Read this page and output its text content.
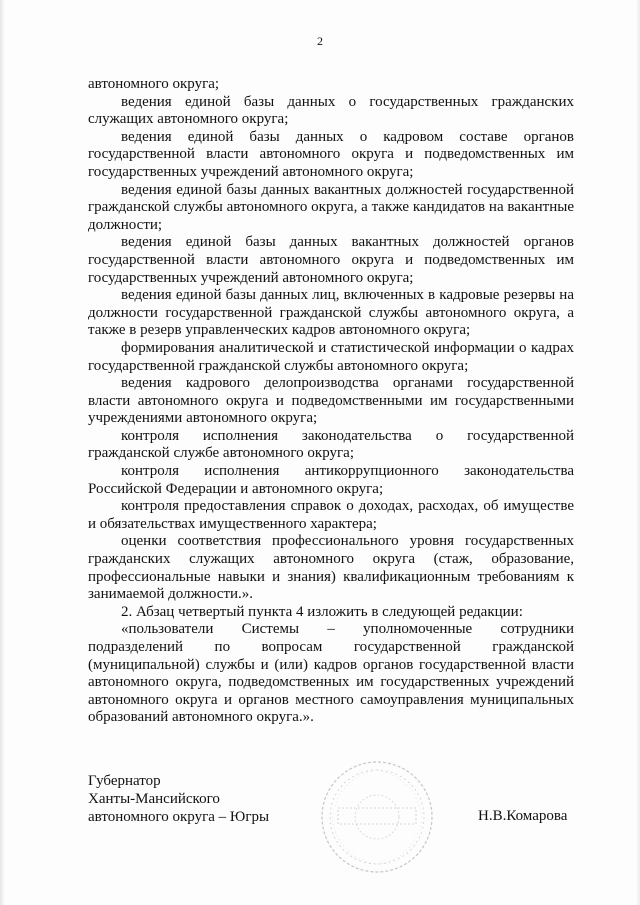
2

автономного округа;

ведения единой базы данных о государственных гражданских служащих автономного округа;

ведения единой базы данных о кадровом составе органов государственной власти автономного округа и подведомственных им государственных учреждений автономного округа;

ведения единой базы данных вакантных должностей государственной гражданской службы автономного округа, а также кандидатов на вакантные должности;

ведения единой базы данных вакантных должностей органов государственной власти автономного округа и подведомственных им государственных учреждений автономного округа;

ведения единой базы данных лиц, включенных в кадровые резервы на должности государственной гражданской службы автономного округа, а также в резерв управленческих кадров автономного округа;

формирования аналитической и статистической информации о кадрах государственной гражданской службы автономного округа;

ведения кадрового делопроизводства органами государственной власти автономного округа и подведомственными им государственными учреждениями автономного округа;

контроля исполнения законодательства о государственной гражданской службе автономного округа;

контроля исполнения антикоррупционного законодательства Российской Федерации и автономного округа;

контроля предоставления справок о доходах, расходах, об имуществе и обязательствах имущественного характера;

оценки соответствия профессионального уровня государственных гражданских служащих автономного округа (стаж, образование, профессиональные навыки и знания) квалификационным требованиям к занимаемой должности.».

2. Абзац четвертый пункта 4 изложить в следующей редакции:

«пользователи Системы – уполномоченные сотрудники подразделений по вопросам государственной гражданской (муниципальной) службы и (или) кадров органов государственной власти автономного округа, подведомственных им государственных учреждений автономного округа и органов местного самоуправления муниципальных образований автономного округа.».

Губернатор
Ханты-Мансийского
автономного округа – Югры	Н.В.Комарова
